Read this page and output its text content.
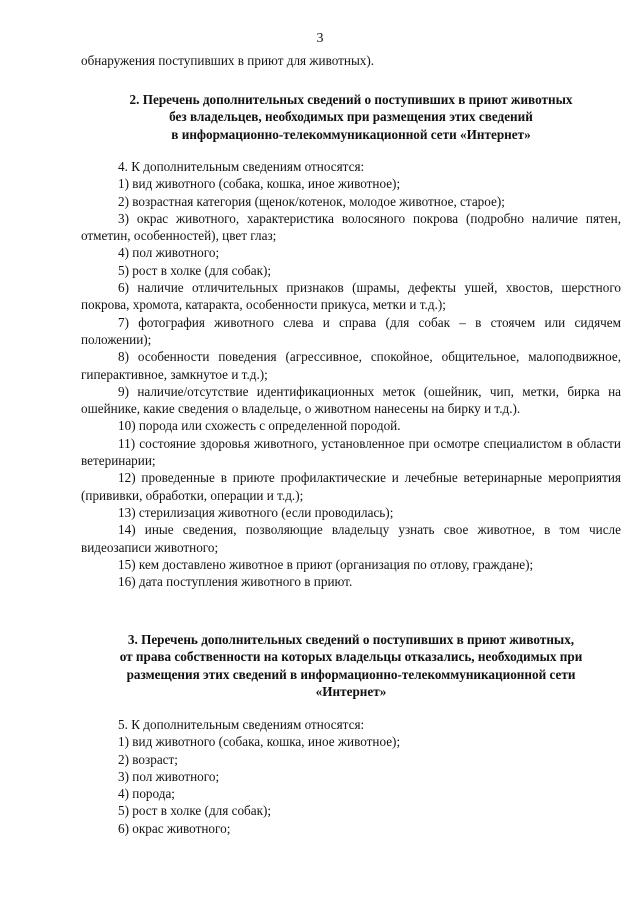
3

обнаружения поступивших в приют для животных).

2. Перечень дополнительных сведений о поступивших в приют животных

без владельцев, необходимых при размещения этих сведений

в информационно-телекоммуникационной сети «Интернет»

4. К дополнительным сведениям относятся:

1) вид животного (собака, кошка, иное животное);

2) возрастная категория (щенок/котенок, молодое животное, старое);

3) окрас животного, характеристика волосяного покрова (подробно наличие пятен, отметин, особенностей), цвет глаз;

4) пол животного;

5) рост в холке (для собак);

6) наличие отличительных признаков (шрамы, дефекты ушей, хвостов, шерстного покрова, хромота, катаракта, особенности прикуса, метки и т.д.);

7) фотография животного слева и справа (для собак – в стоячем или сидячем положении);

8) особенности поведения (агрессивное, спокойное, общительное, малоподвижное, гиперактивное, замкнутое и т.д.);

9) наличие/отсутствие идентификационных меток (ошейник, чип, метки, бирка на ошейнике, какие сведения о владельце, о животном нанесены на бирку и т.д.).

10) порода или схожесть с определенной породой.

11) состояние здоровья животного, установленное при осмотре специалистом в области ветеринарии;

12) проведенные в приюте профилактические и лечебные ветеринарные мероприятия (прививки, обработки, операции и т.д.);

13) стерилизация животного (если проводилась);

14) иные сведения, позволяющие владельцу узнать свое животное, в том числе видеозаписи животного;

15) кем доставлено животное в приют (организация по отлову, граждане);

16) дата поступления животного в приют.

3. Перечень дополнительных сведений о поступивших в приют животных,

от права собственности на которых владельцы отказались, необходимых при

размещения этих сведений в информационно-телекоммуникационной сети

«Интернет»

5. К дополнительным сведениям относятся:

1) вид животного (собака, кошка, иное животное);

2) возраст;

3) пол животного;

4) порода;

5) рост в холке (для собак);

6) окрас животного;
